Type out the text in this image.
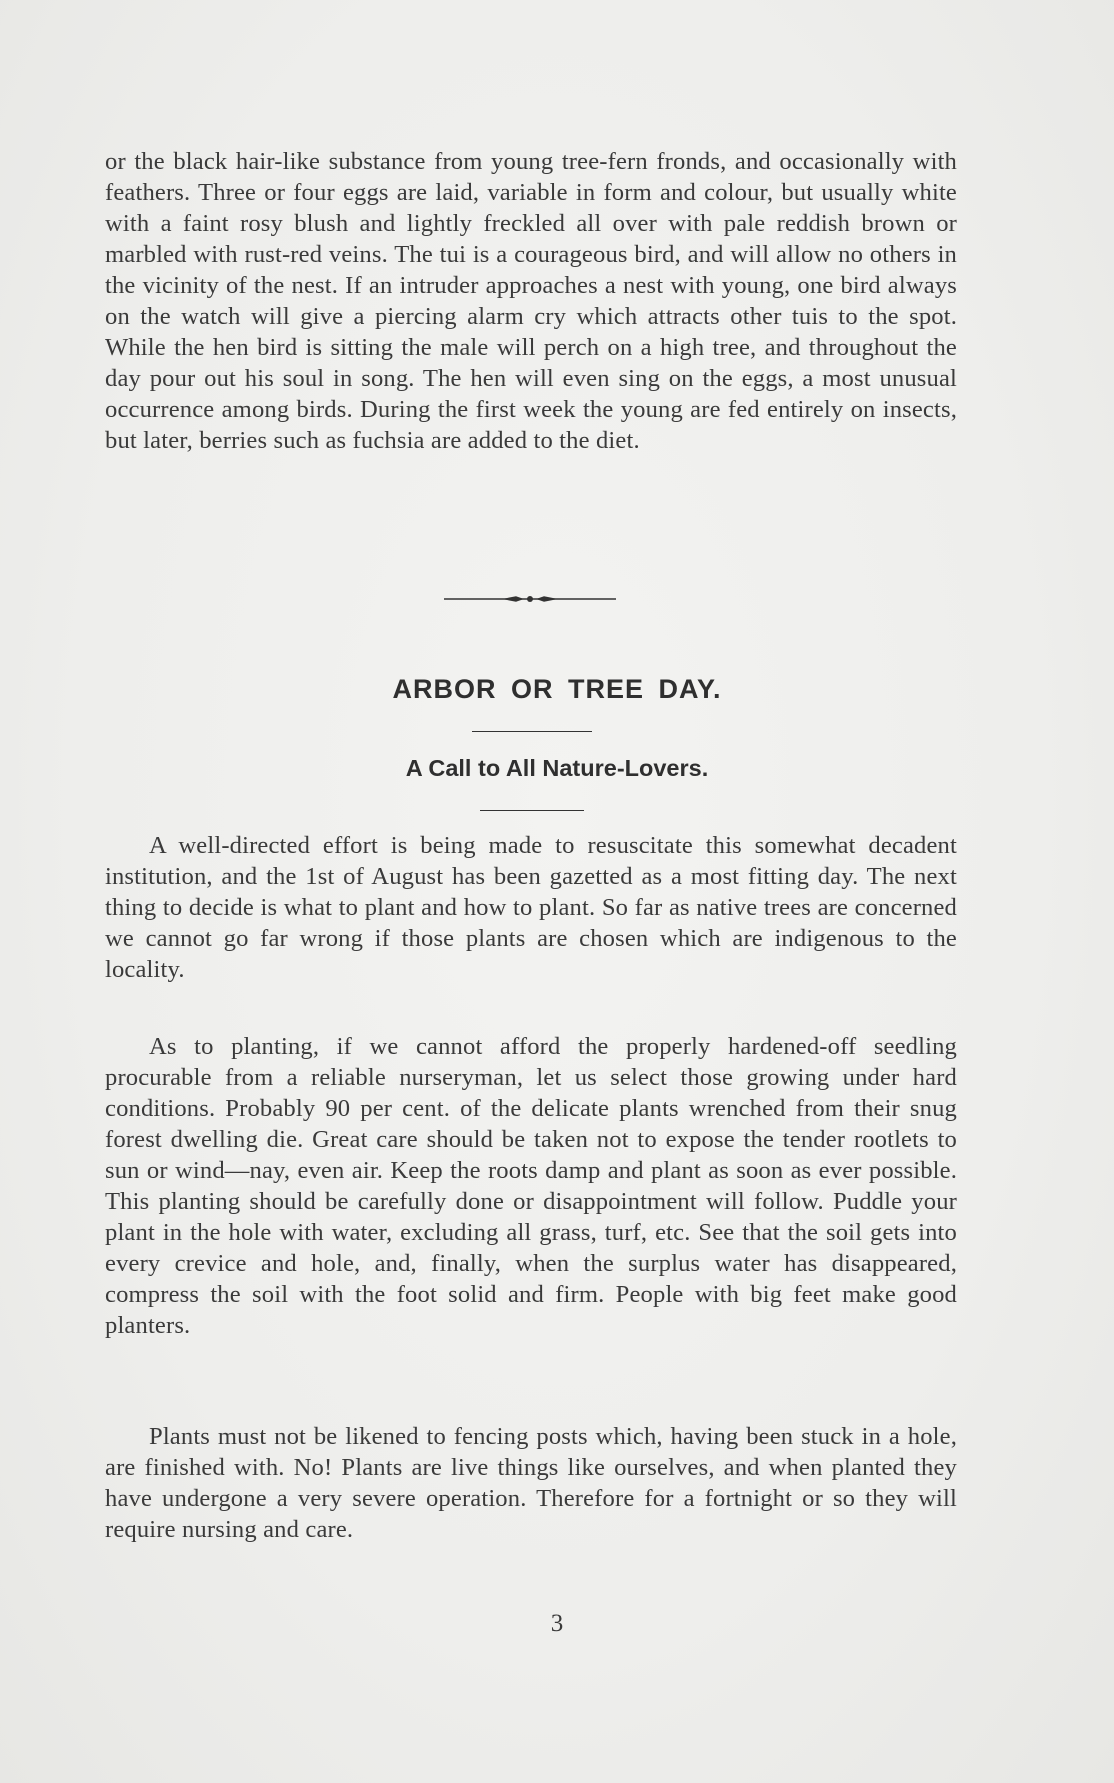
or the black hair-like substance from young tree-fern fronds, and occasionally with feathers. Three or four eggs are laid, variable in form and colour, but usually white with a faint rosy blush and lightly freckled all over with pale reddish brown or marbled with rust-red veins. The tui is a courageous bird, and will allow no others in the vicinity of the nest. If an intruder approaches a nest with young, one bird always on the watch will give a piercing alarm cry which attracts other tuis to the spot. While the hen bird is sitting the male will perch on a high tree, and throughout the day pour out his soul in song. The hen will even sing on the eggs, a most unusual occurrence among birds. During the first week the young are fed entirely on insects, but later, berries such as fuchsia are added to the diet.

ARBOR OR TREE DAY.
A Call to All Nature-Lovers.

A well-directed effort is being made to resuscitate this somewhat decadent institution, and the 1st of August has been gazetted as a most fitting day. The next thing to decide is what to plant and how to plant. So far as native trees are concerned we cannot go far wrong if those plants are chosen which are indigenous to the locality.

As to planting, if we cannot afford the properly hardened-off seedling procurable from a reliable nurseryman, let us select those growing under hard conditions. Probably 90 per cent. of the delicate plants wrenched from their snug forest dwelling die. Great care should be taken not to expose the tender rootlets to sun or wind—nay, even air. Keep the roots damp and plant as soon as ever possible. This planting should be carefully done or disappointment will follow. Puddle your plant in the hole with water, excluding all grass, turf, etc. See that the soil gets into every crevice and hole, and, finally, when the surplus water has disappeared, compress the soil with the foot solid and firm. People with big feet make good planters.

Plants must not be likened to fencing posts which, having been stuck in a hole, are finished with. No! Plants are live things like ourselves, and when planted they have undergone a very severe operation. Therefore for a fortnight or so they will require nursing and care.

3
